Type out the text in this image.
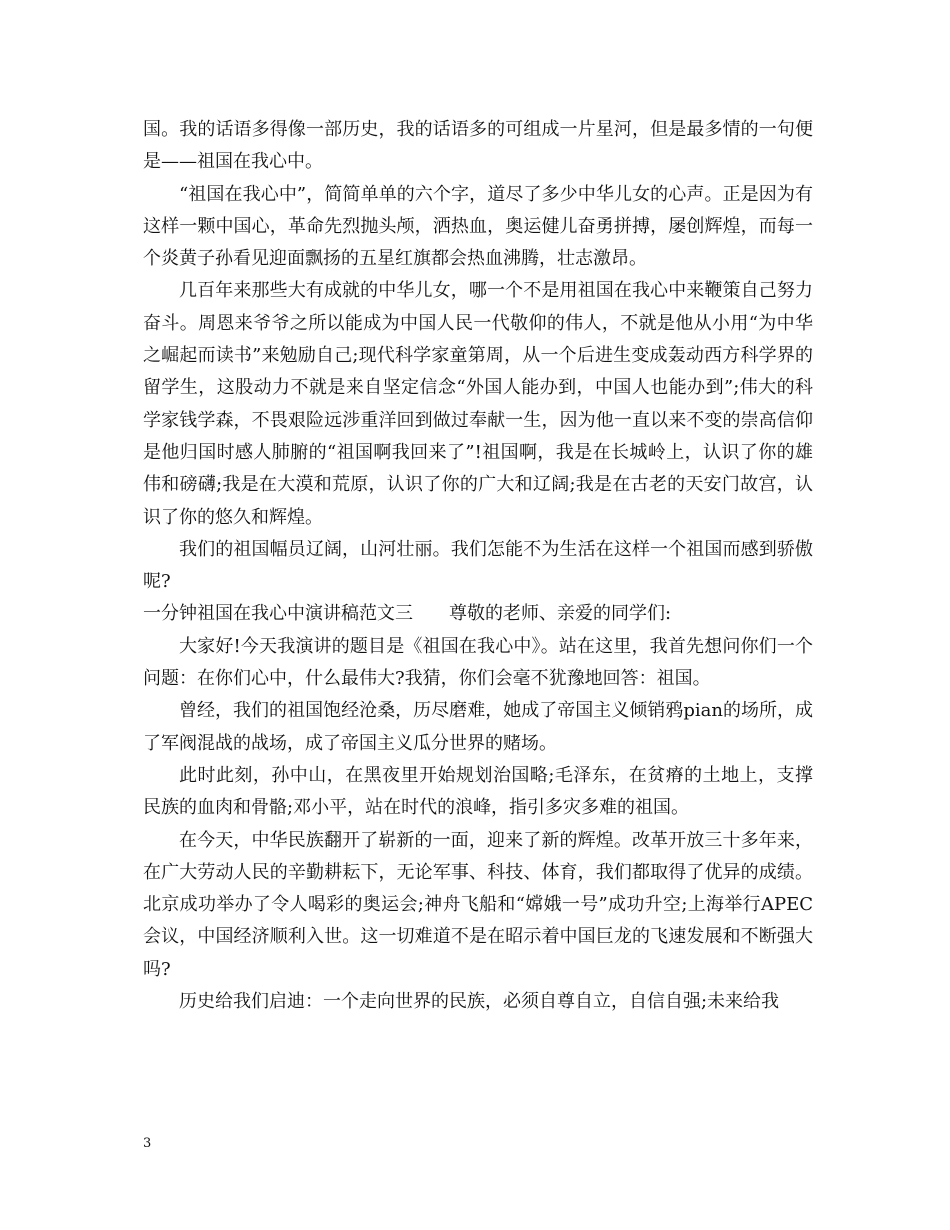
国。我的话语多得像一部历史，我的话语多的可组成一片星河，但是最多情的一句便是——祖国在我心中。

“祖国在我心中”，简简单单的六个字，道尽了多少中华儿女的心声。正是因为有这样一颗中国心，革命先烈抛头颅，洒热血，奥运健儿奋勇拼搏，屡创辉煌，而每一个炎黄子孙看见迎面飘扬的五星红旗都会热血沸腾，壮志激昂。

几百年来那些大有成就的中华儿女，哪一个不是用祖国在我心中来鞭策自己努力奋斗。周恩来爷爷之所以能成为中国人民一代敬仰的伟人，不就是他从小用“为中华之崛起而读书”来勉励自己;现代科学家童第周，从一个后进生变成轰动西方科学界的留学生，这股动力不就是来自坚定信念“外国人能办到，中国人也能办到”;伟大的科学家钱学森，不畏艰险远涉重洋回到做过奉献一生，因为他一直以来不变的崇高信仰是他归国时感人肺腑的“祖国啊我回来了”!祖国啊，我是在长城岭上，认识了你的雄伟和磅礴;我是在大漠和荒原，认识了你的广大和辽阔;我是在古老的天安门故宫，认识了你的悠久和辉煌。

我们的祖国幅员辽阔，山河壮丽。我们怎能不为生活在这样一个祖国而感到骄傲呢?

一分钟祖国在我心中演讲稿范文三　　尊敬的老师、亲爱的同学们:

大家好!今天我演讲的题目是《祖国在我心中》。站在这里，我首先想问你们一个问题：在你们心中，什么最伟大?我猜，你们会毫不犹豫地回答：祖国。

曾经，我们的祖国饱经沧桑，历尽磨难，她成了帝国主义倾销鸦pian的场所，成了军阀混战的战场，成了帝国主义瓜分世界的赌场。

此时此刻，孙中山，在黑夜里开始规划治国略;毛泽东，在贫瘠的土地上，支撑民族的血肉和骨骼;邓小平，站在时代的浪峰，指引多灾多难的祖国。

在今天，中华民族翻开了崭新的一面，迎来了新的辉煌。改革开放三十多年来，在广大劳动人民的辛勤耕耘下，无论军事、科技、体育，我们都取得了优异的成绩。北京成功举办了令人喝彩的奥运会;神舟飞船和“嫦娥一号”成功升空;上海举行APEC会议，中国经济顺利入世。这一切难道不是在昭示着中国巨龙的飞速发展和不断强大吗?

历史给我们启迪：一个走向世界的民族，必须自尊自立，自信自强;未来给我

3
